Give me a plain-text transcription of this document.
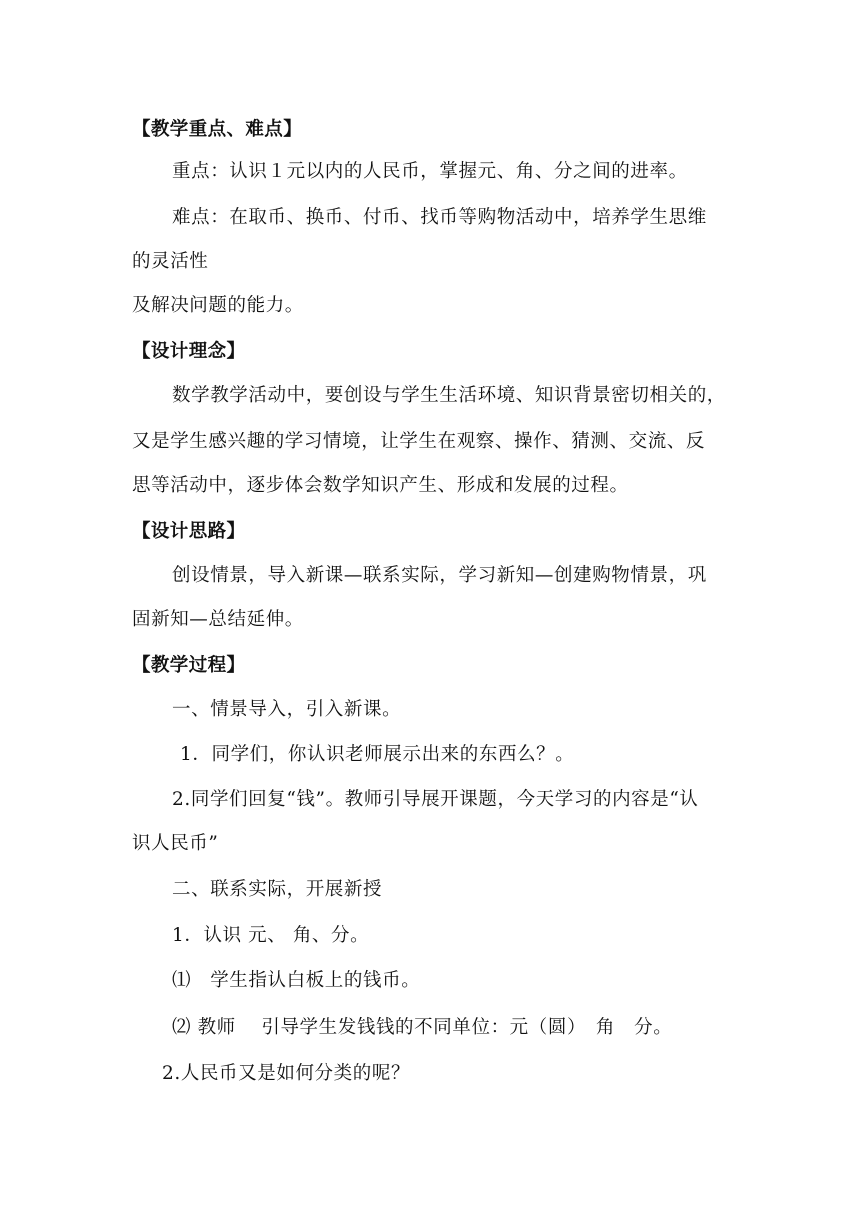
【教学重点、难点】
重点：认识１元以内的人民币，掌握元、角、分之间的进率。
难点：在取币、换币、付币、找币等购物活动中，培养学生思维
的灵活性
及解决问题的能力。
【设计理念】
数学教学活动中，要创设与学生生活环境、知识背景密切相关的，
又是学生感兴趣的学习情境，让学生在观察、操作、猜测、交流、反
思等活动中，逐步体会数学知识产生、形成和发展的过程。
【设计思路】
创设情景，导入新课—联系实际，学习新知—创建购物情景，巩
固新知—总结延伸。
【教学过程】
一、情景导入，引入新课。
1．同学们，你认识老师展示出来的东西么？。
2.同学们回复“钱”。教师引导展开课题，今天学习的内容是“认
识人民币”
二、联系实际，开展新授
1．认识 元、 角、分。
⑴　学生指认白板上的钱币。
⑵ 教师　 引导学生发钱钱的不同单位：元（圆）　角　分。
2.人民币又是如何分类的呢？
